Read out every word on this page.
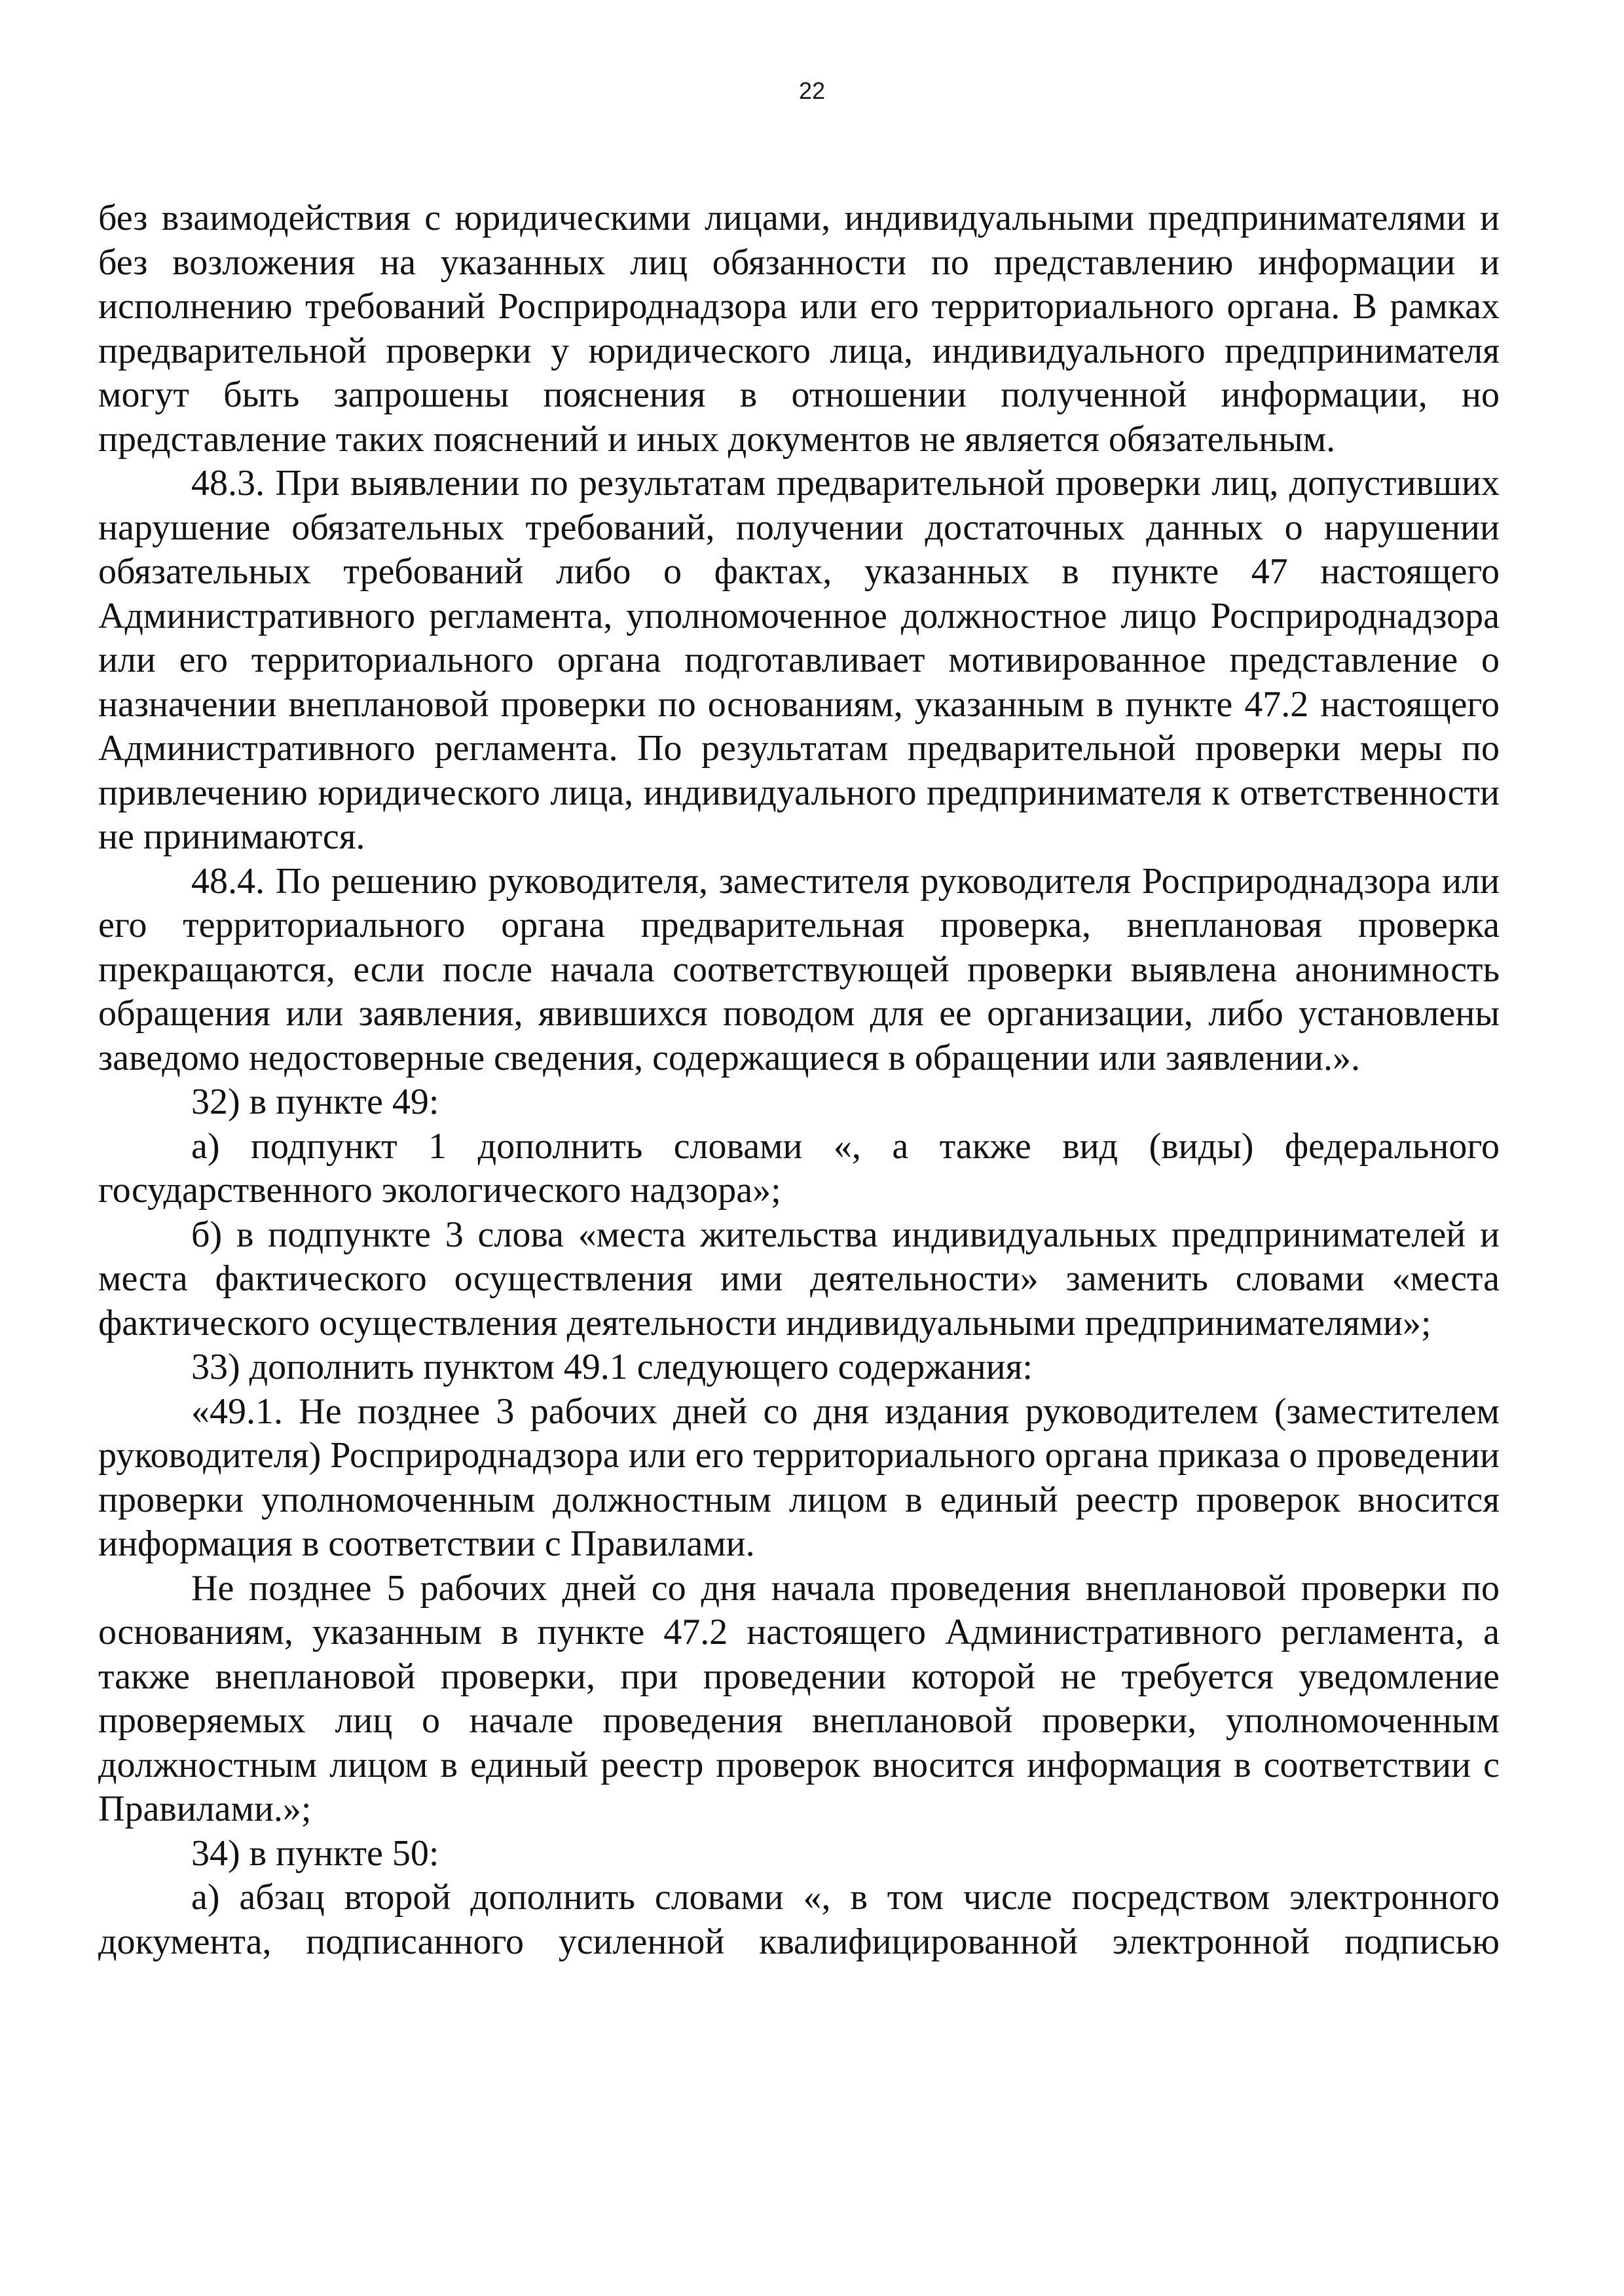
22

без взаимодействия с юридическими лицами, индивидуальными предпринимателями и без возложения на указанных лиц обязанности по представлению информации и исполнению требований Росприроднадзора или его территориального органа. В рамках предварительной проверки у юридического лица, индивидуального предпринимателя могут быть запрошены пояснения в отношении полученной информации, но представление таких пояснений и иных документов не является обязательным.

48.3. При выявлении по результатам предварительной проверки лиц, допустивших нарушение обязательных требований, получении достаточных данных о нарушении обязательных требований либо о фактах, указанных в пункте 47 настоящего Административного регламента, уполномоченное должностное лицо Росприроднадзора или его территориального органа подготавливает мотивированное представление о назначении внеплановой проверки по основаниям, указанным в пункте 47.2 настоящего Административного регламента. По результатам предварительной проверки меры по привлечению юридического лица, индивидуального предпринимателя к ответственности не принимаются.

48.4. По решению руководителя, заместителя руководителя Росприроднадзора или его территориального органа предварительная проверка, внеплановая проверка прекращаются, если после начала соответствующей проверки выявлена анонимность обращения или заявления, явившихся поводом для ее организации, либо установлены заведомо недостоверные сведения, содержащиеся в обращении или заявлении.».

32) в пункте 49:

а) подпункт 1 дополнить словами «, а также вид (виды) федерального государственного экологического надзора»;

б) в подпункте 3 слова «места жительства индивидуальных предпринимателей и места фактического осуществления ими деятельности» заменить словами «места фактического осуществления деятельности индивидуальными предпринимателями»;

33) дополнить пунктом 49.1 следующего содержания:

«49.1. Не позднее 3 рабочих дней со дня издания руководителем (заместителем руководителя) Росприроднадзора или его территориального органа приказа о проведении проверки уполномоченным должностным лицом в единый реестр проверок вносится информация в соответствии с Правилами.

Не позднее 5 рабочих дней со дня начала проведения внеплановой проверки по основаниям, указанным в пункте 47.2 настоящего Административного регламента, а также внеплановой проверки, при проведении которой не требуется уведомление проверяемых лиц о начале проведения внеплановой проверки, уполномоченным должностным лицом в единый реестр проверок вносится информация в соответствии с Правилами.»;

34) в пункте 50:

а) абзац второй дополнить словами «, в том числе посредством электронного документа, подписанного усиленной квалифицированной электронной подписью
